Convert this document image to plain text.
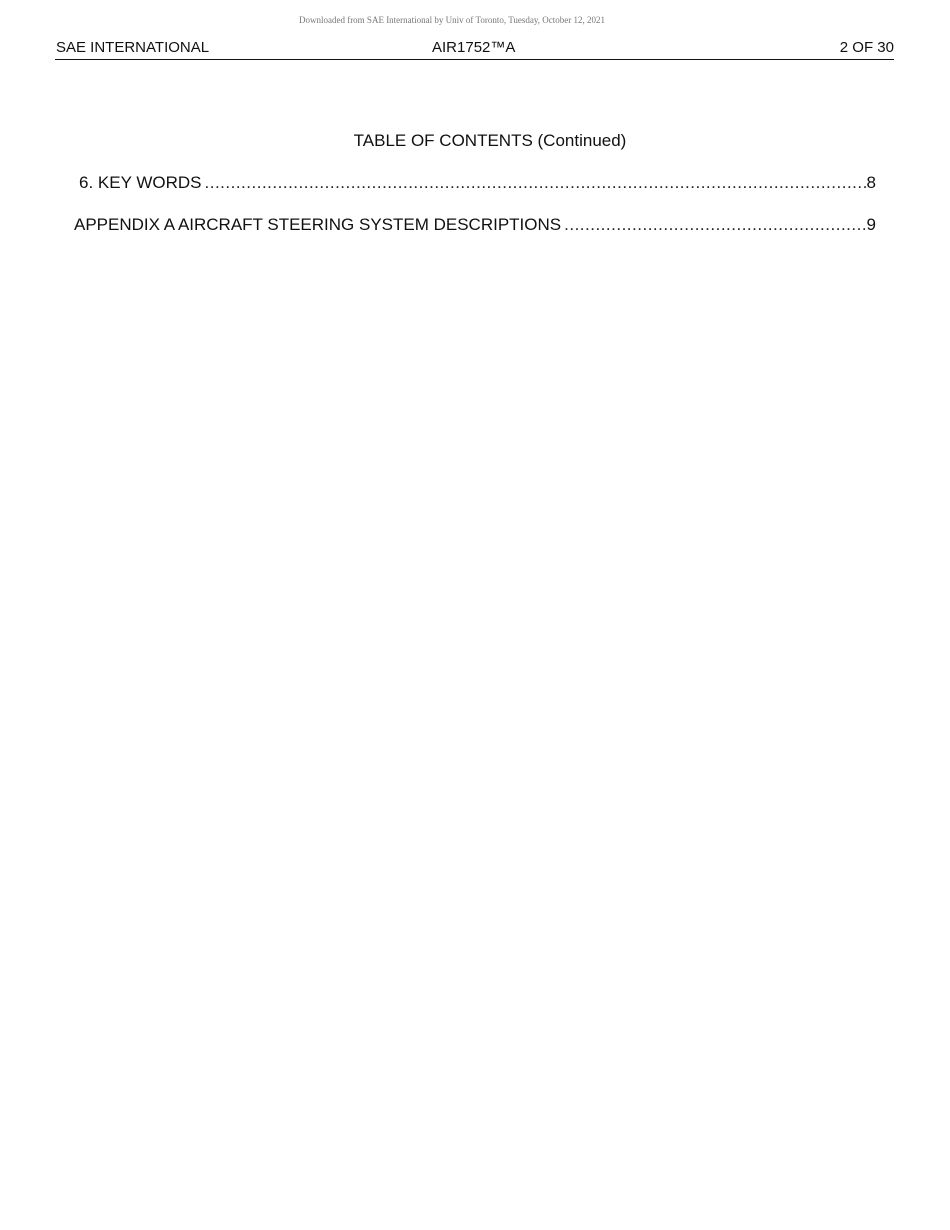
Downloaded from SAE International by Univ of Toronto, Tuesday, October 12, 2021
SAE INTERNATIONAL	AIR1752™A	2 OF 30
TABLE OF CONTENTS (Continued)
6. KEY WORDS .....	8
APPENDIX A AIRCRAFT STEERING SYSTEM DESCRIPTIONS .....	9
